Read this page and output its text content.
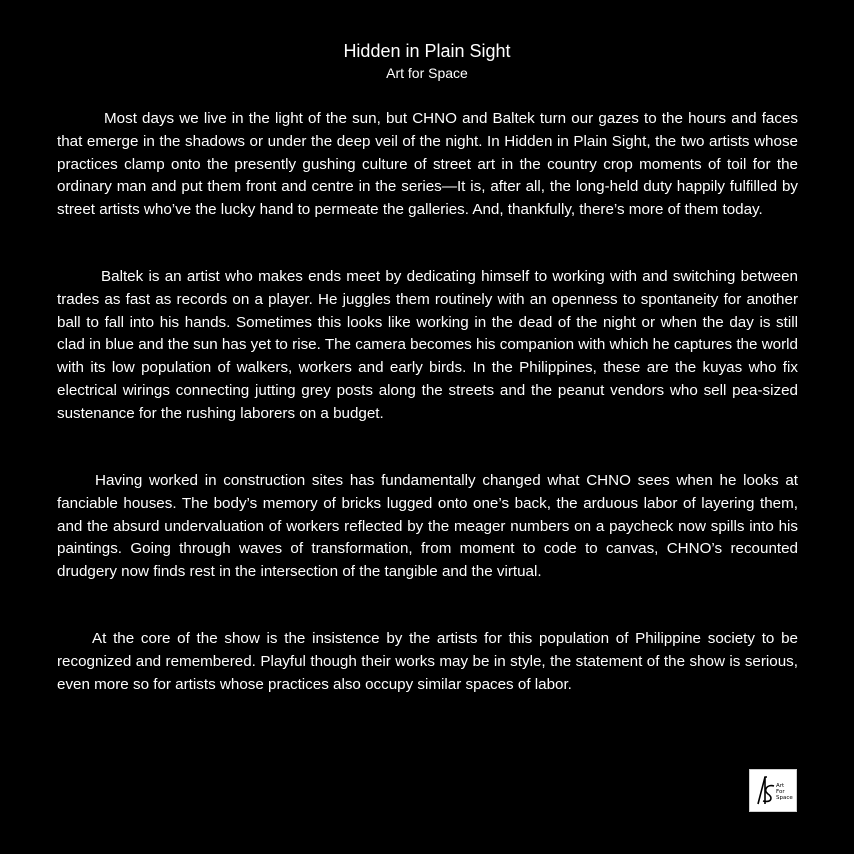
Hidden in Plain Sight
Art for Space

Most days we live in the light of the sun, but CHNO and Baltek turn our gazes to the hours and faces that emerge in the shadows or under the deep veil of the night. In Hidden in Plain Sight, the two artists whose practices clamp onto the presently gushing culture of street art in the country crop moments of toil for the ordinary man and put them front and centre in the series—It is, after all, the long-held duty happily fulfilled by street artists who’ve the lucky hand to permeate the galleries. And, thankfully, there’s more of them today.

Baltek is an artist who makes ends meet by dedicating himself to working with and switching between trades as fast as records on a player. He juggles them routinely with an openness to spontaneity for another ball to fall into his hands. Sometimes this looks like working in the dead of the night or when the day is still clad in blue and the sun has yet to rise. The camera becomes his companion with which he captures the world with its low population of walkers, workers and early birds. In the Philippines, these are the kuyas who fix electrical wirings connecting jutting grey posts along the streets and the peanut vendors who sell pea-sized sustenance for the rushing laborers on a budget.

Having worked in construction sites has fundamentally changed what CHNO sees when he looks at fanciable houses. The body’s memory of bricks lugged onto one’s back, the arduous labor of layering them, and the absurd undervaluation of workers reflected by the meager numbers on a paycheck now spills into his paintings. Going through waves of transformation, from moment to code to canvas, CHNO’s recounted drudgery now finds rest in the intersection of the tangible and the virtual.

At the core of the show is the insistence by the artists for this population of Philippine society to be recognized and remembered. Playful though their works may be in style, the statement of the show is serious, even more so for artists whose practices also occupy similar spaces of labor.

Art
For
Space
